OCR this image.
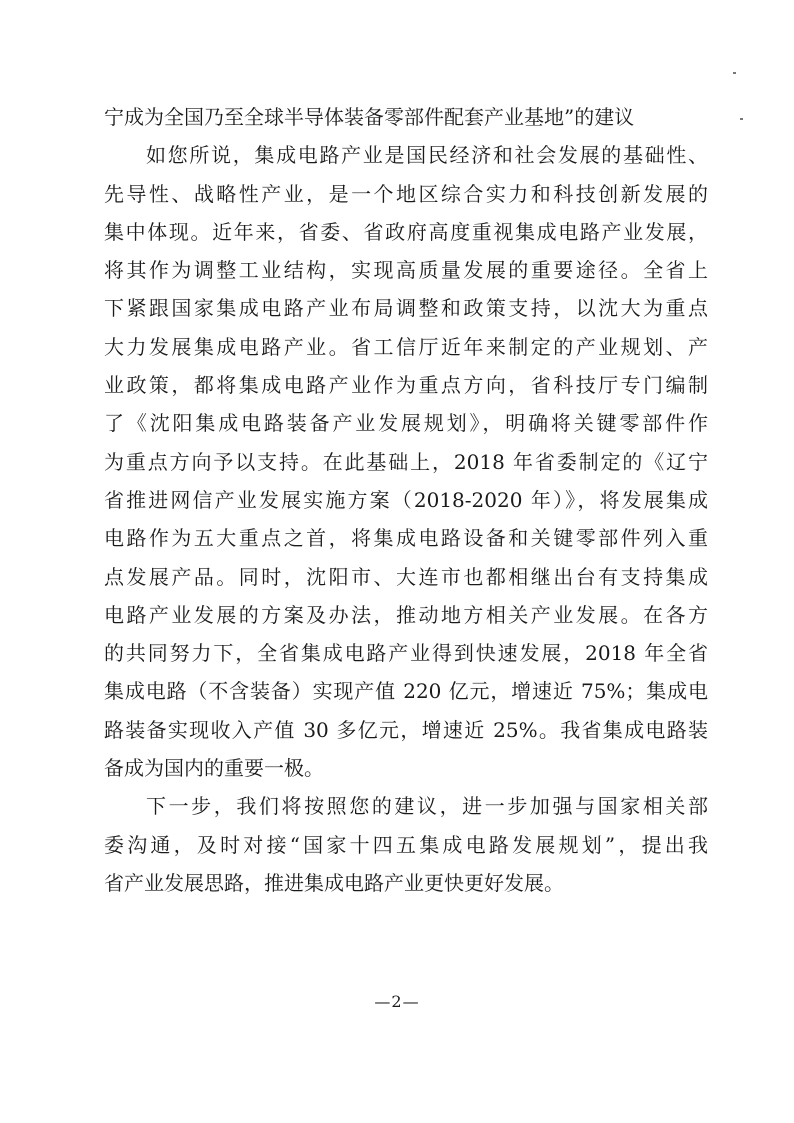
宁成为全国乃至全球半导体装备零部件配套产业基地”的建议
如您所说，集成电路产业是国民经济和社会发展的基础性、
先导性、战略性产业，是一个地区综合实力和科技创新发展的
集中体现。近年来，省委、省政府高度重视集成电路产业发展，
将其作为调整工业结构，实现高质量发展的重要途径。全省上
下紧跟国家集成电路产业布局调整和政策支持，以沈大为重点
大力发展集成电路产业。省工信厅近年来制定的产业规划、产
业政策，都将集成电路产业作为重点方向，省科技厅专门编制
了《沈阳集成电路装备产业发展规划》，明确将关键零部件作
为重点方向予以支持。在此基础上，2018 年省委制定的《辽宁
省推进网信产业发展实施方案（2018-2020 年）》，将发展集成
电路作为五大重点之首，将集成电路设备和关键零部件列入重
点发展产品。同时，沈阳市、大连市也都相继出台有支持集成
电路产业发展的方案及办法，推动地方相关产业发展。在各方
的共同努力下，全省集成电路产业得到快速发展，2018 年全省
集成电路（不含装备）实现产值 220 亿元，增速近 75%；集成电
路装备实现收入产值 30 多亿元，增速近 25%。我省集成电路装
备成为国内的重要一极。
下一步，我们将按照您的建议，进一步加强与国家相关部
委沟通，及时对接“国家十四五集成电路发展规划”，提出我
省产业发展思路，推进集成电路产业更快更好发展。
—2—
